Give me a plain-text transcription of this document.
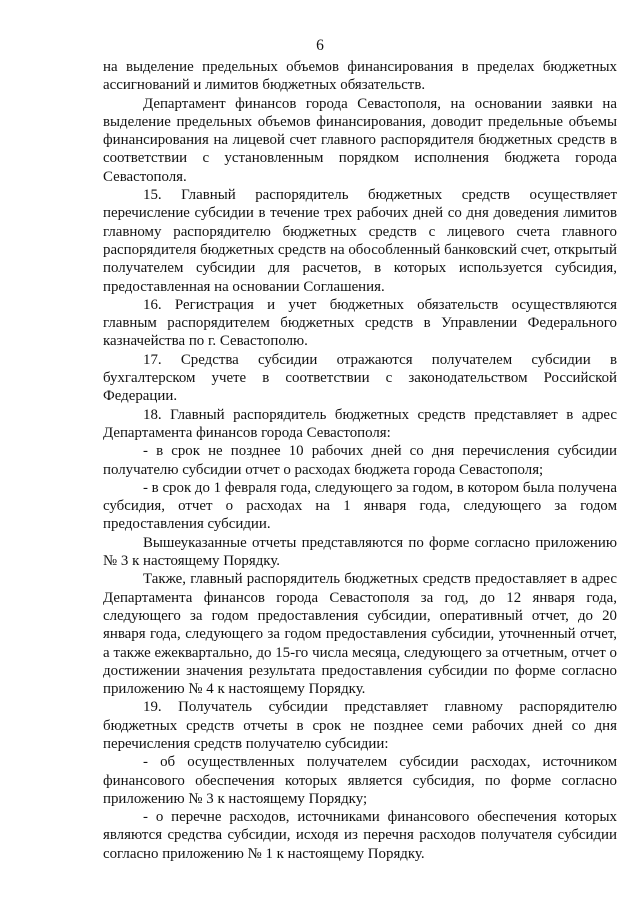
6

на выделение предельных объемов финансирования в пределах бюджетных ассигнований и лимитов бюджетных обязательств.

Департамент финансов города Севастополя, на основании заявки на выделение предельных объемов финансирования, доводит предельные объемы финансирования на лицевой счет главного распорядителя бюджетных средств в соответствии с установленным порядком исполнения бюджета города Севастополя.

15. Главный распорядитель бюджетных средств осуществляет перечисление субсидии в течение трех рабочих дней со дня доведения лимитов главному распорядителю бюджетных средств с лицевого счета главного распорядителя бюджетных средств на обособленный банковский счет, открытый получателем субсидии для расчетов, в которых используется субсидия, предоставленная на основании Соглашения.

16. Регистрация и учет бюджетных обязательств осуществляются главным распорядителем бюджетных средств в Управлении Федерального казначейства по г. Севастополю.

17. Средства субсидии отражаются получателем субсидии в бухгалтерском учете в соответствии с законодательством Российской Федерации.

18. Главный распорядитель бюджетных средств представляет в адрес Департамента финансов города Севастополя:

- в срок не позднее 10 рабочих дней со дня перечисления субсидии получателю субсидии отчет о расходах бюджета города Севастополя;

- в срок до 1 февраля года, следующего за годом, в котором была получена субсидия, отчет о расходах на 1 января года, следующего за годом предоставления субсидии.

Вышеуказанные отчеты представляются по форме согласно приложению № 3 к настоящему Порядку.

Также, главный распорядитель бюджетных средств предоставляет в адрес Департамента финансов города Севастополя за год, до 12 января года, следующего за годом предоставления субсидии, оперативный отчет, до 20 января года, следующего за годом предоставления субсидии, уточненный отчет, а также ежеквартально, до 15-го числа месяца, следующего за отчетным, отчет о достижении значения результата предоставления субсидии по форме согласно приложению № 4 к настоящему Порядку.

19. Получатель субсидии представляет главному распорядителю бюджетных средств отчеты в срок не позднее семи рабочих дней со дня перечисления средств получателю субсидии:

- об осуществленных получателем субсидии расходах, источником финансового обеспечения которых является субсидия, по форме согласно приложению № 3 к настоящему Порядку;

- о перечне расходов, источниками финансового обеспечения которых являются средства субсидии, исходя из перечня расходов получателя субсидии согласно приложению № 1 к настоящему Порядку.
